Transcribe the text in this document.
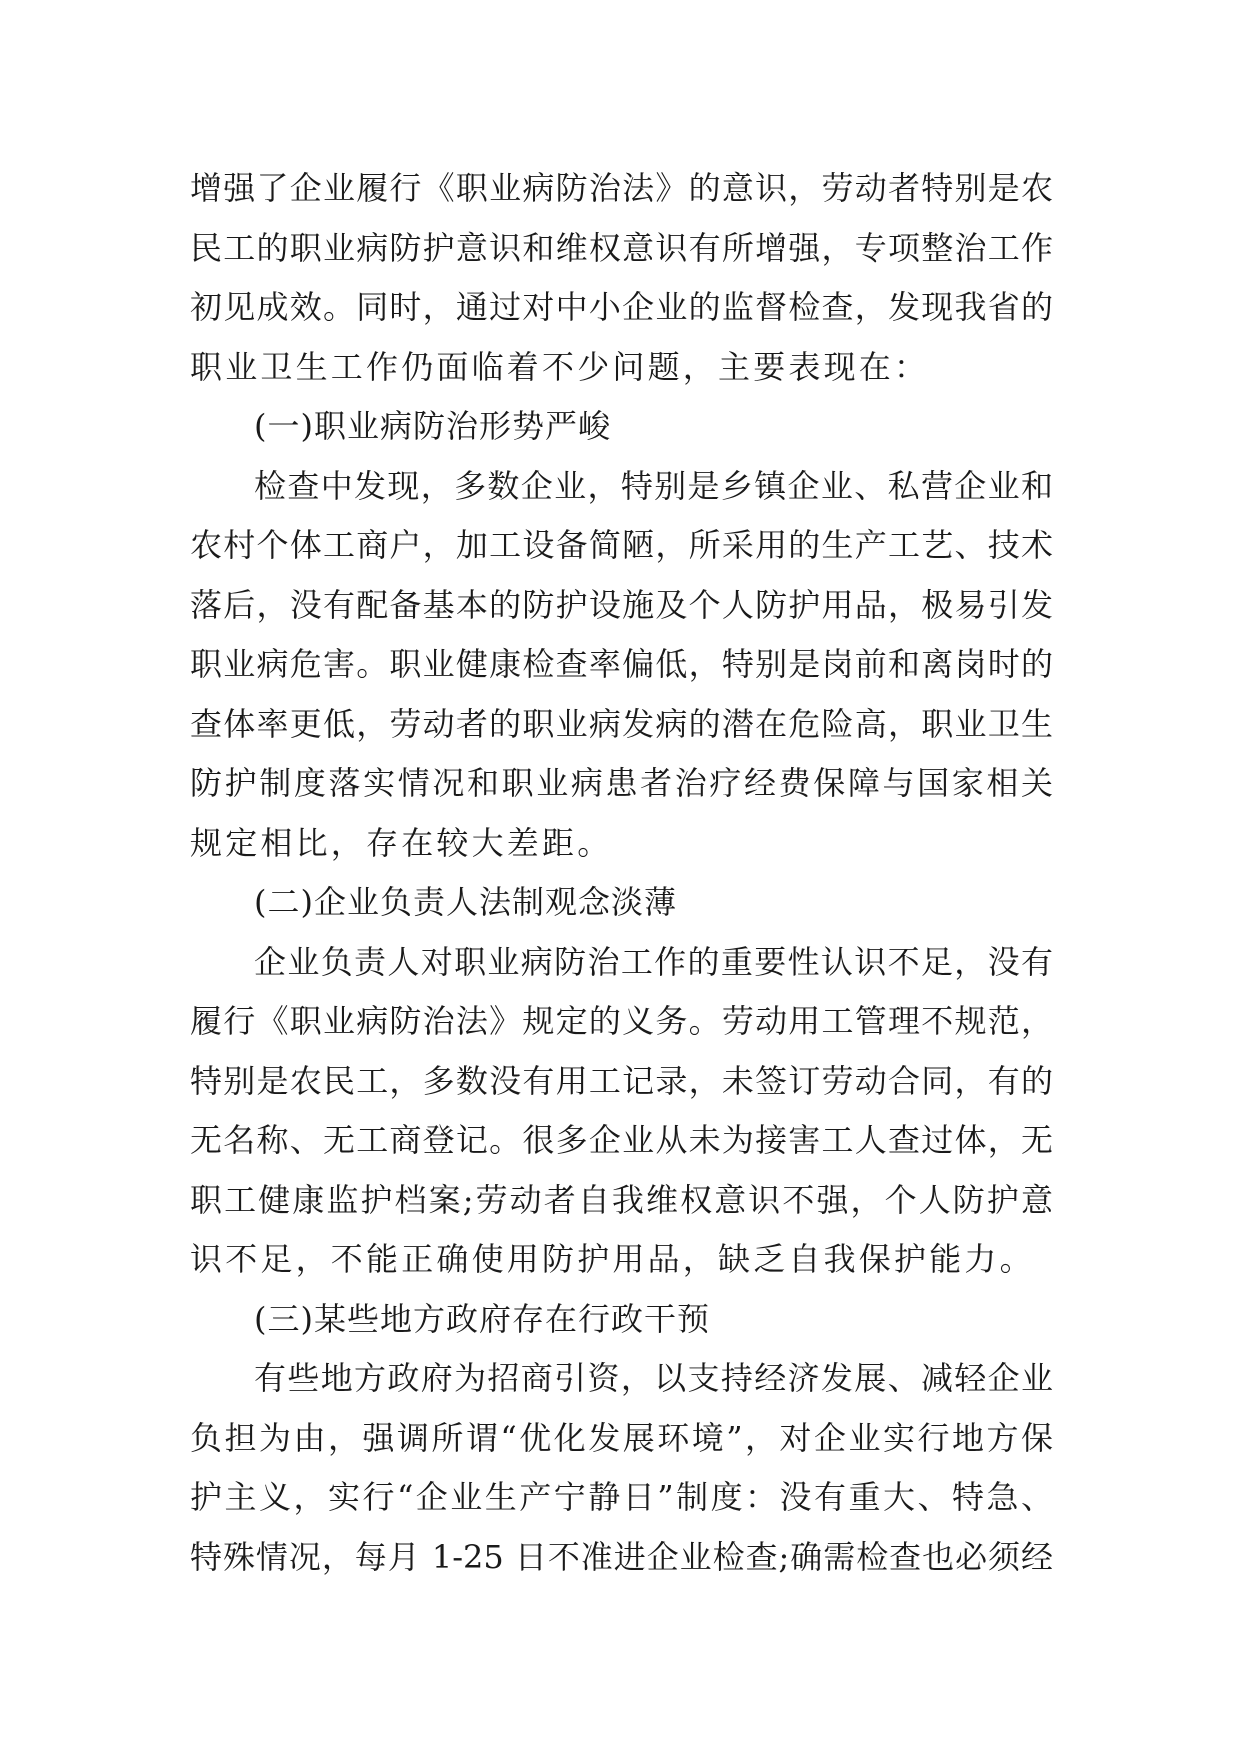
增强了企业履行《职业病防治法》的意识，劳动者特别是农
民工的职业病防护意识和维权意识有所增强，专项整治工作
初见成效。同时，通过对中小企业的监督检查，发现我省的
职业卫生工作仍面临着不少问题，主要表现在：
(一)职业病防治形势严峻
检查中发现，多数企业，特别是乡镇企业、私营企业和
农村个体工商户，加工设备简陋，所采用的生产工艺、技术
落后，没有配备基本的防护设施及个人防护用品，极易引发
职业病危害。职业健康检查率偏低，特别是岗前和离岗时的
查体率更低，劳动者的职业病发病的潜在危险高，职业卫生
防护制度落实情况和职业病患者治疗经费保障与国家相关
规定相比，存在较大差距。
(二)企业负责人法制观念淡薄
企业负责人对职业病防治工作的重要性认识不足，没有
履行《职业病防治法》规定的义务。劳动用工管理不规范，
特别是农民工，多数没有用工记录，未签订劳动合同，有的
无名称、无工商登记。很多企业从未为接害工人查过体，无
职工健康监护档案;劳动者自我维权意识不强，个人防护意
识不足，不能正确使用防护用品，缺乏自我保护能力。
(三)某些地方政府存在行政干预
有些地方政府为招商引资，以支持经济发展、减轻企业
负担为由，强调所谓“优化发展环境”，对企业实行地方保
护主义，实行“企业生产宁静日”制度：没有重大、特急、
特殊情况，每月 1-25 日不准进企业检查;确需检查也必须经
